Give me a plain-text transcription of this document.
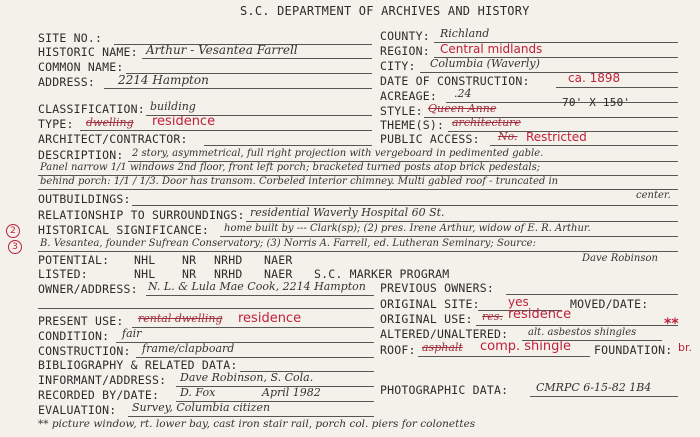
S.C. DEPARTMENT OF ARCHIVES AND HISTORY
SITE NO.:
HISTORIC NAME: Arthur - Vesantea Farrell
COMMON NAME:
ADDRESS: 2214 Hampton
CLASSIFICATION: building
TYPE: dwelling residence
ARCHITECT/CONTRACTOR:
COUNTY: Richland
REGION: Central midlands
CITY: Columbia (Waverly)
DATE OF CONSTRUCTION:	ca. 1898
ACREAGE: .24
70' X 150'
STYLE: Queen Anne
THEME(S): architecture
PUBLIC ACCESS: No. Restricted
DESCRIPTION: 2 story, asymmetrical, full right projection with vergeboard in pedimented gable.
Panel narrow 1/1 windows 2nd floor, front left porch; bracketed turned posts atop brick pedestals;
behind porch: 1/1 / 1/3. Door has transom. Corbeled interior chimney. Multi gabled roof - truncated in
center.
OUTBUILDINGS:
RELATIONSHIP TO SURROUNDINGS: residential Waverly Hospital 60 St.
HISTORICAL SIGNIFICANCE: home built by --- Clark(sp); (2) pres. Irene Arthur, widow of E. R. Arthur.
B. Vesantea, founder Sufrean Conservatory; (3) Norris A. Farrell, ed. Lutheran Seminary; Source:
Dave Robinson
2
3
POTENTIAL: NHL NR NRHD NAER
LISTED:	NHL NR NRHD NAER S.C. MARKER PROGRAM
OWNER/ADDRESS: N. L. & Lula Mae Cook, 2214 Hampton PREVIOUS OWNERS:
ORIGINAL SITE: yes	MOVED/DATE:
PRESENT USE: rental dwelling residence	ORIGINAL USE: res. residence
CONDITION: fair	ALTERED/UNALTERED: alt. asbestos shingles
**
CONSTRUCTION: frame/clapboard	ROOF: asphalt comp. shingle FOUNDATION: br.
BIBLIOGRAPHY & RELATED DATA:
INFORMANT/ADDRESS: Dave Robinson, S. Cola.
RECORDED BY/DATE: D. Fox	April 1982	PHOTOGRAPHIC DATA:	CMRPC 6-15-82 1B4
EVALUATION: Survey, Columbia citizen
** picture window, rt. lower bay, cast iron stair rail, porch col. piers for colonettes
